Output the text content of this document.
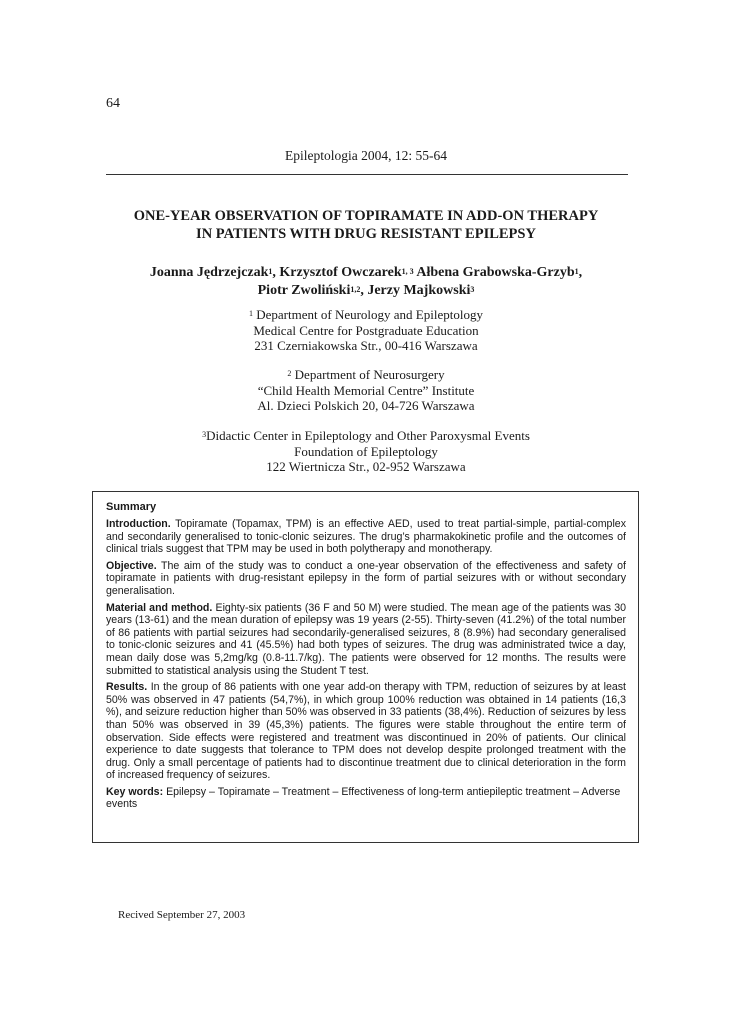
64
Epileptologia 2004, 12: 55-64
ONE-YEAR OBSERVATION OF TOPIRAMATE IN ADD-ON THERAPY
IN PATIENTS WITH DRUG RESISTANT EPILEPSY
Joanna Jędrzejczak$^1$, Krzysztof Owczarek$^{1, 3}$ Ałbena Grabowska-Grzyb$^1$,
Piotr Zwoliński$^{1,2}$, Jerzy Majkowski$^3$
$^1$ Department of Neurology and Epileptology
Medical Centre for Postgraduate Education
231 Czerniakowska Str., 00-416 Warszawa
$^2$ Department of Neurosurgery
“Child Health Memorial Centre” Institute
Al. Dzieci Polskich 20, 04-726 Warszawa
$^3$Didactic Center in Epileptology and Other Paroxysmal Events
Foundation of Epileptology
122 Wiertnicza Str., 02-952 Warszawa
Summary

Introduction. Topiramate (Topamax, TPM) is an effective AED, used to treat partial-simple, partial-complex and secondarily generalised to tonic-clonic seizures. The drug’s pharmakokinetic profile and the outcomes of clinical trials suggest that TPM may be used in both polytherapy and monotherapy.

Objective. The aim of the study was to conduct a one-year observation of the effectiveness and safety of topiramate in patients with drug-resistant epilepsy in the form of partial seizures with or without secondary generalisation.

Material and method. Eighty-six patients (36 F and 50 M) were studied. The mean age of the patients was 30 years (13-61) and the mean duration of epilepsy was 19 years (2-55). Thirty-seven (41.2%) of the total number of 86 patients with partial seizures had secondarily-generalised seizures, 8 (8.9%) had secondary generalised to tonic-clonic seizures and 41 (45.5%) had both types of seizures. The drug was administrated twice a day, mean daily dose was 5,2mg/kg (0.8-11.7/kg). The patients were observed for 12 months. The results were submitted to statistical analysis using the Student T test.

Results. In the group of 86 patients with one year add-on therapy with TPM, reduction of seizures by at least 50% was observed in 47 patients (54,7%), in which group 100% reduction was obtained in 14 patients (16,3 %), and seizure reduction higher than 50% was observed in 33 patients (38,4%). Reduction of seizures by less than 50% was observed in 39 (45,3%) patients. The figures were stable throughout the entire term of observation. Side effects were registered and treatment was discontinued in 20% of patients. Our clinical experience to date suggests that tolerance to TPM does not develop despite prolonged treatment with the drug. Only a small percentage of patients had to discontinue treatment due to clinical deterioration in the form of increased frequency of seizures.

Key words: Epilepsy – Topiramate – Treatment – Effectiveness of long-term antiepileptic treatment – Adverse events

Recived September 27, 2003
